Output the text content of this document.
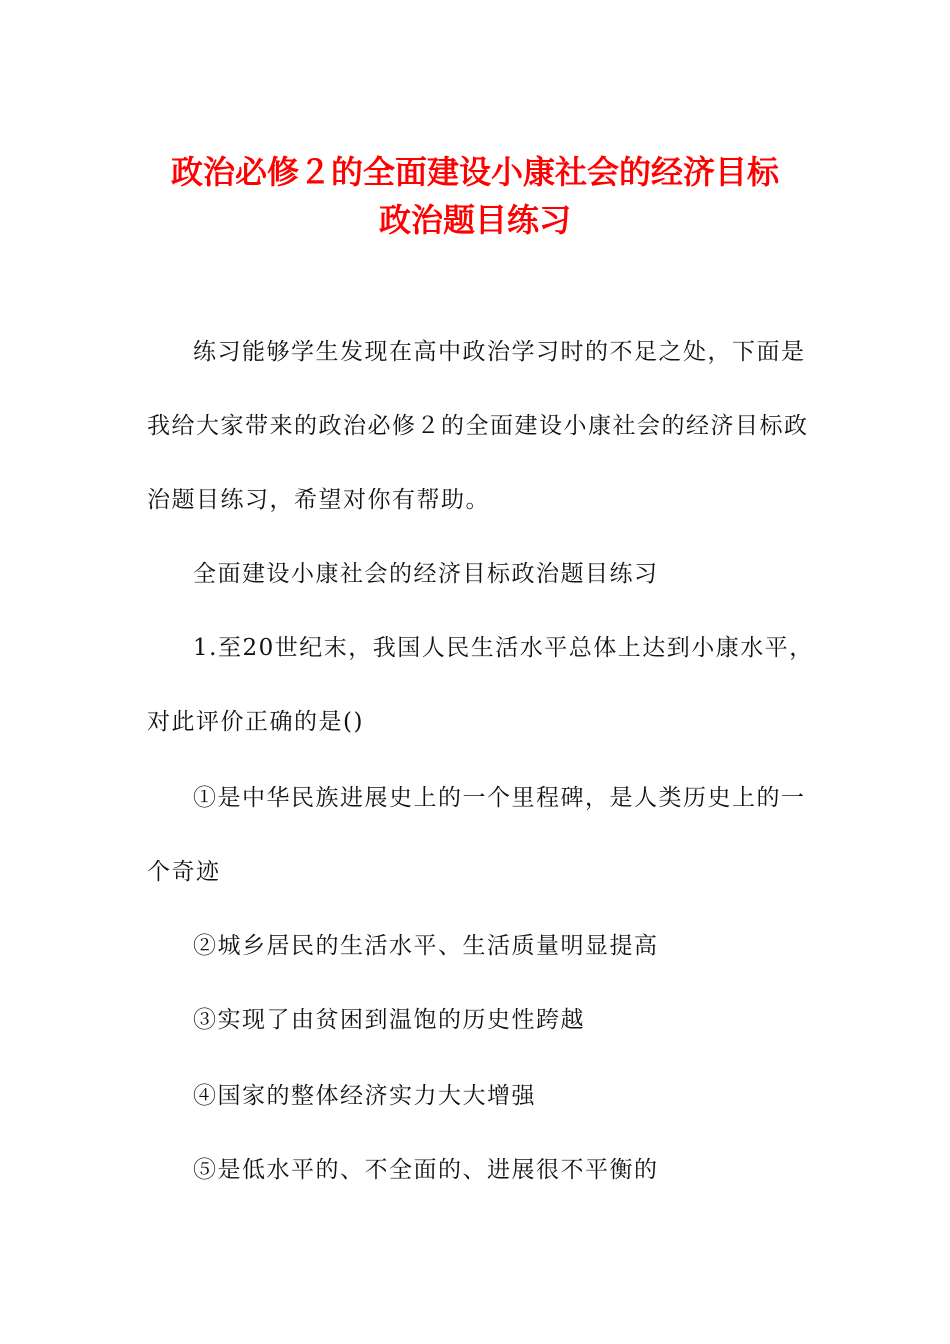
政治必修２的全面建设小康社会的经济目标
政治题目练习
练习能够学生发现在高中政治学习时的不足之处，下面是
我给大家带来的政治必修２的全面建设小康社会的经济目标政
治题目练习，希望对你有帮助。
全面建设小康社会的经济目标政治题目练习
1.至20世纪末，我国人民生活水平总体上达到小康水平，
对此评价正确的是()
①是中华民族进展史上的一个里程碑，是人类历史上的一
个奇迹
②城乡居民的生活水平、生活质量明显提高
③实现了由贫困到温饱的历史性跨越
④国家的整体经济实力大大增强
⑤是低水平的、不全面的、进展很不平衡的
